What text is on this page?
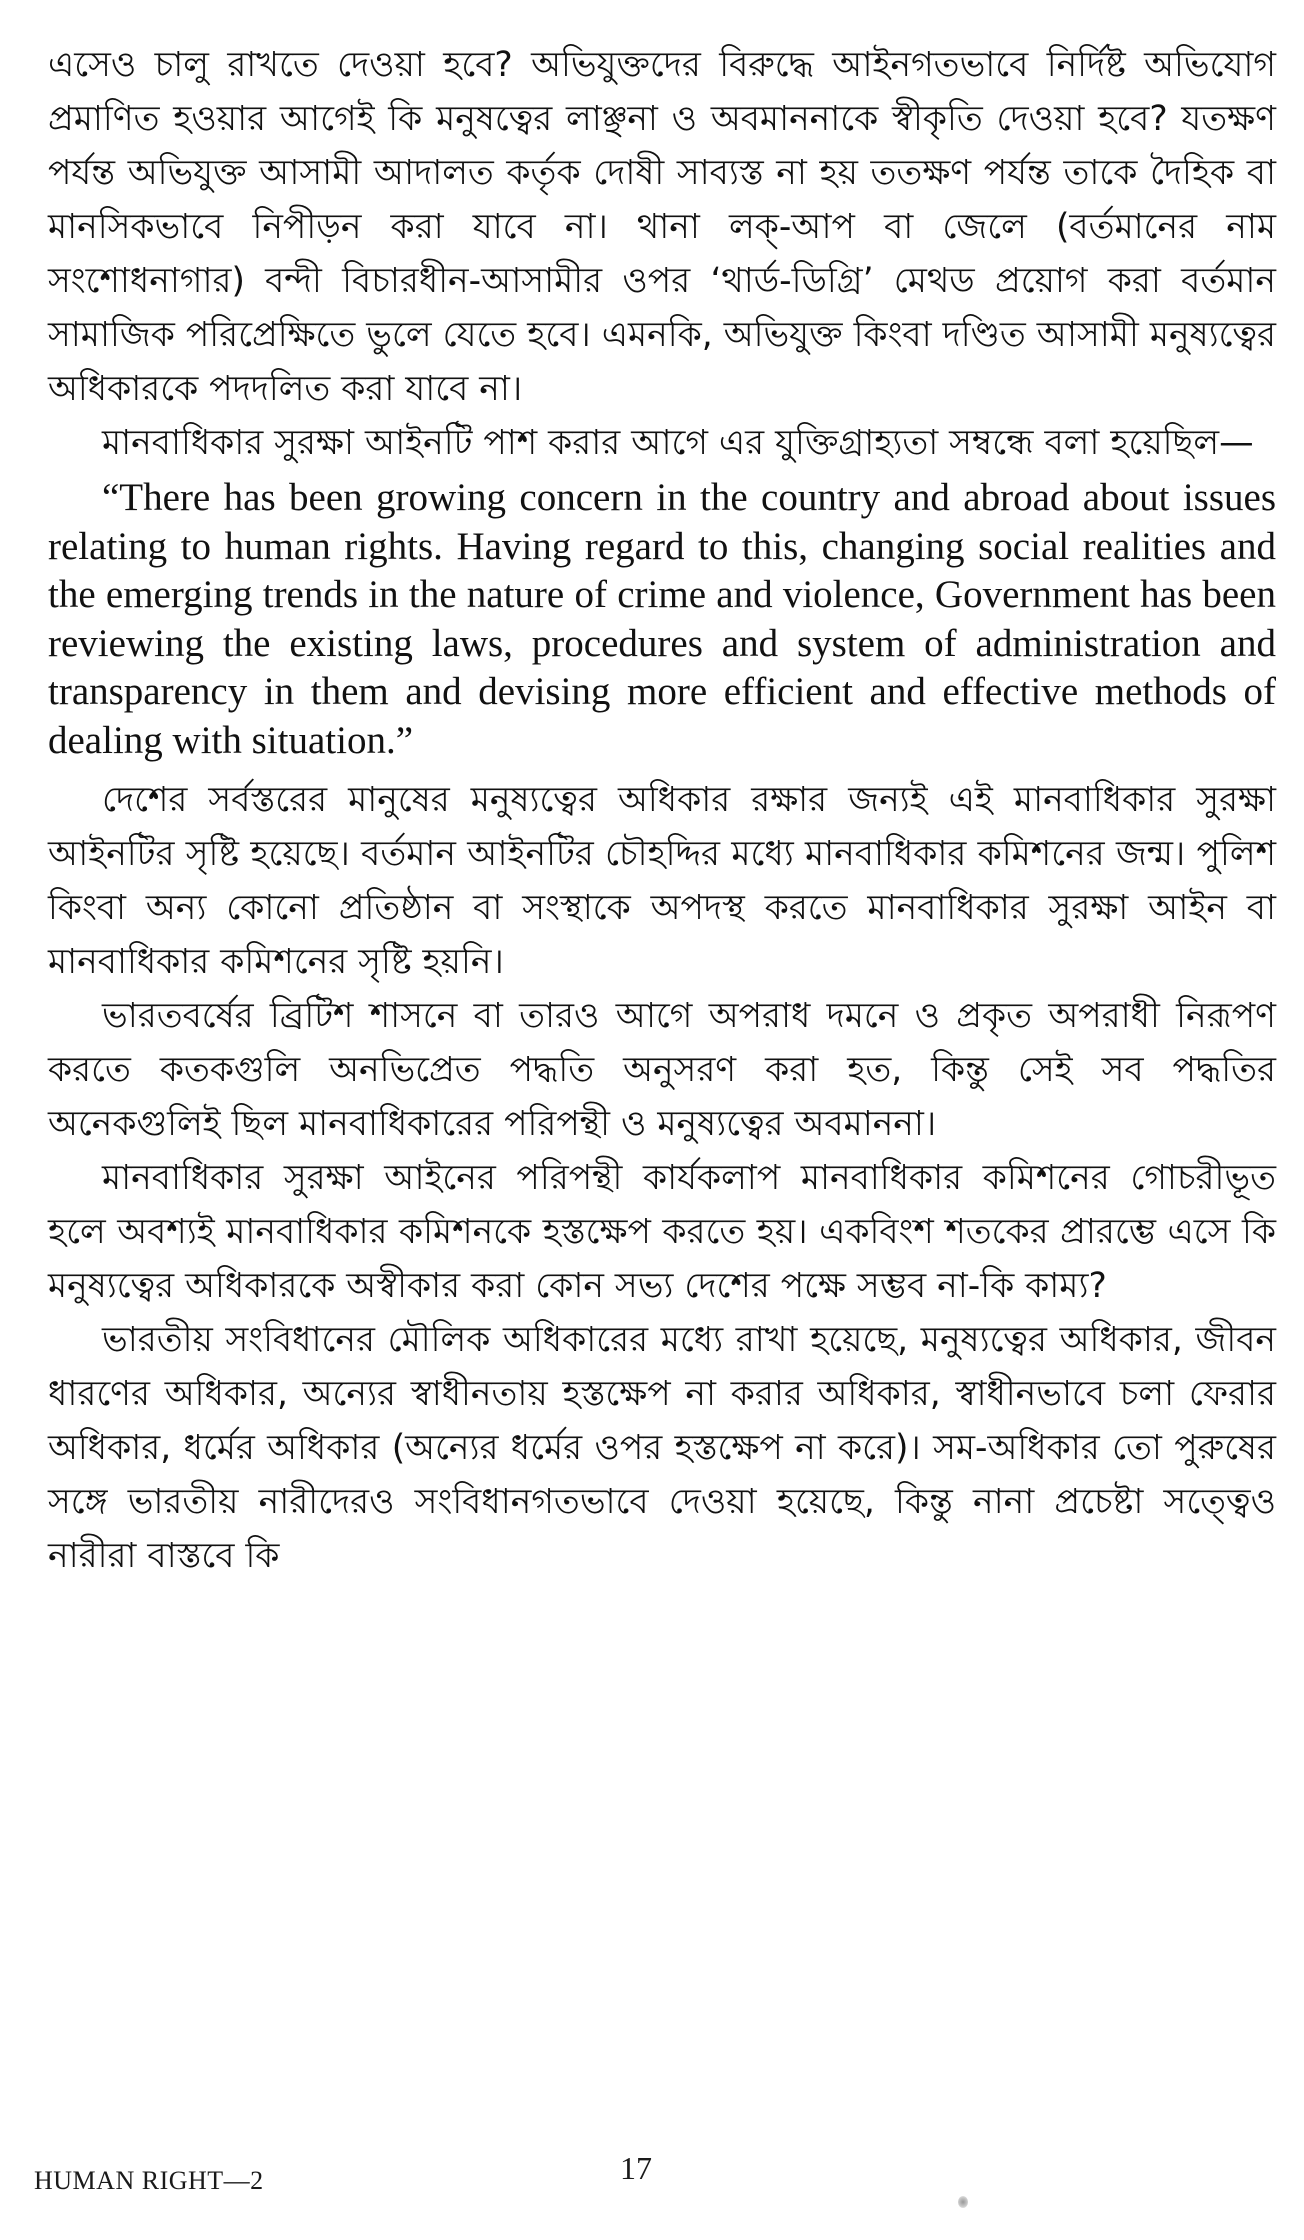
এসেও চালু রাখতে দেওয়া হবে? অভিযুক্তদের বিরুদ্ধে আইনগতভাবে নির্দিষ্ট অভিযোগ প্রমাণিত হওয়ার আগেই কি মনুষত্বের লাঞ্ছনা ও অবমাননাকে স্বীকৃতি দেওয়া হবে? যতক্ষণ পর্যন্ত অভিযুক্ত আসামী আদালত কর্তৃক দোষী সাব্যস্ত না হয় ততক্ষণ পর্যন্ত তাকে দৈহিক বা মানসিকভাবে নিপীড়ন করা যাবে না। থানা লক্-আপ বা জেলে (বর্তমানের নাম সংশোধনাগার) বন্দী বিচারধীন-আসামীর ওপর ‘থার্ড-ডিগ্রি’ মেথড প্রয়োগ করা বর্তমান সামাজিক পরিপ্রেক্ষিতে ভুলে যেতে হবে। এমনকি, অভিযুক্ত কিংবা দণ্ডিত আসামী মনুষ্যত্বের অধিকারকে পদদলিত করা যাবে না।

মানবাধিকার সুরক্ষা আইনটি পাশ করার আগে এর যুক্তিগ্রাহ্যতা সম্বন্ধে বলা হয়েছিল—

“There has been growing concern in the country and abroad about issues relating to human rights. Having regard to this, changing social realities and the emerging trends in the nature of crime and violence, Government has been reviewing the existing laws, procedures and system of administration and transparency in them and devising more efficient and effective methods of dealing with situation.”

দেশের সর্বস্তরের মানুষের মনুষ্যত্বের অধিকার রক্ষার জন্যই এই মানবাধিকার সুরক্ষা আইনটির সৃষ্টি হয়েছে। বর্তমান আইনটির চৌহদ্দির মধ্যে মানবাধিকার কমিশনের জন্ম। পুলিশ কিংবা অন্য কোনো প্রতিষ্ঠান বা সংস্থাকে অপদস্থ করতে মানবাধিকার সুরক্ষা আইন বা মানবাধিকার কমিশনের সৃষ্টি হয়নি।

ভারতবর্ষের ব্রিটিশ শাসনে বা তারও আগে অপরাধ দমনে ও প্রকৃত অপরাধী নিরূপণ করতে কতকগুলি অনভিপ্রেত পদ্ধতি অনুসরণ করা হত, কিন্তু সেই সব পদ্ধতির অনেকগুলিই ছিল মানবাধিকারের পরিপন্থী ও মনুষ্যত্বের অবমাননা।

মানবাধিকার সুরক্ষা আইনের পরিপন্থী কার্যকলাপ মানবাধিকার কমিশনের গোচরীভূত হলে অবশ্যই মানবাধিকার কমিশনকে হস্তক্ষেপ করতে হয়। একবিংশ শতকের প্রারম্ভে এসে কি মনুষ্যত্বের অধিকারকে অস্বীকার করা কোন সভ্য দেশের পক্ষে সম্ভব না-কি কাম্য?

ভারতীয় সংবিধানের মৌলিক অধিকারের মধ্যে রাখা হয়েছে, মনুষ্যত্বের অধিকার, জীবন ধারণের অধিকার, অন্যের স্বাধীনতায় হস্তক্ষেপ না করার অধিকার, স্বাধীনভাবে চলা ফেরার অধিকার, ধর্মের অধিকার (অন্যের ধর্মের ওপর হস্তক্ষেপ না করে)। সম-অধিকার তো পুরুষের সঙ্গে ভারতীয় নারীদেরও সংবিধানগতভাবে দেওয়া হয়েছে, কিন্তু নানা প্রচেষ্টা সত্ত্বেও নারীরা বাস্তবে কি

HUMAN RIGHT—2	17
